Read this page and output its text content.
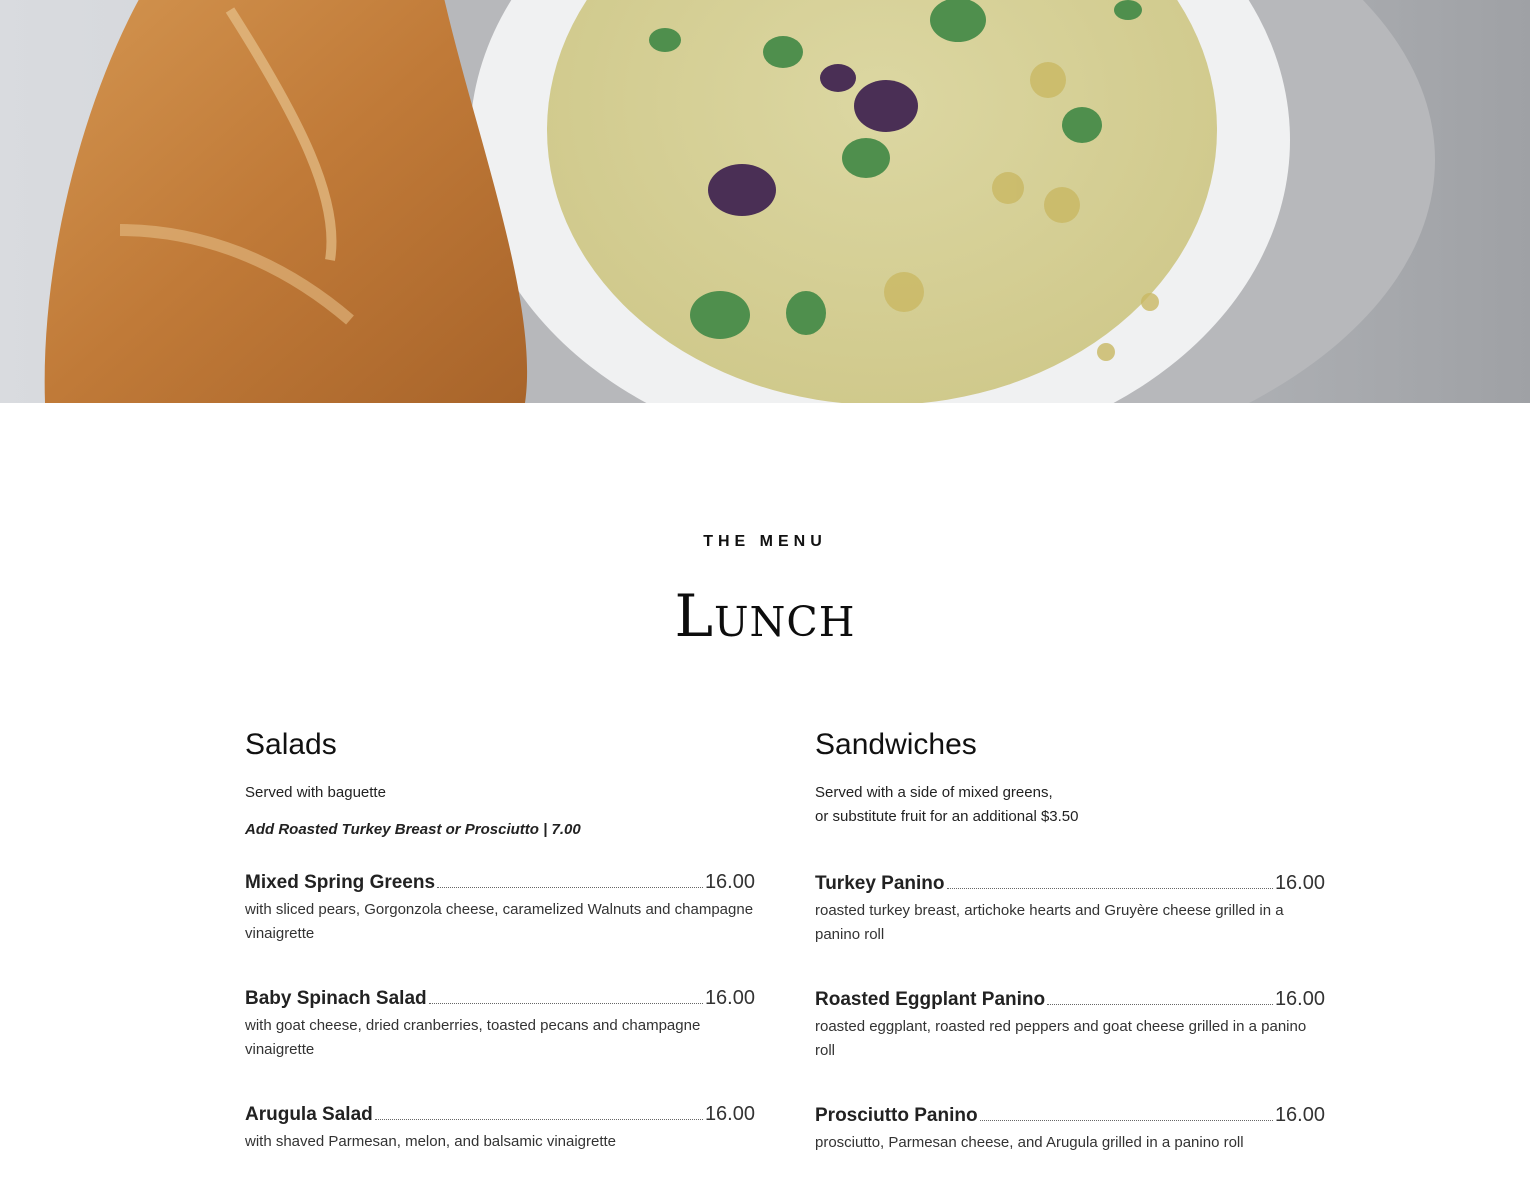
THE MENU
Lunch
Salads
Served with baguette
Add Roasted Turkey Breast or Prosciutto | 7.00
Mixed Spring Greens	16.00
with sliced pears, Gorgonzola cheese, caramelized Walnuts and champagne vinaigrette
Baby Spinach Salad	16.00
with goat cheese, dried cranberries, toasted pecans and champagne vinaigrette
Arugula Salad	16.00
with shaved Parmesan, melon, and balsamic vinaigrette
Sandwiches
Served with a side of mixed greens,
or substitute fruit for an additional $3.50
Turkey Panino	16.00
roasted turkey breast, artichoke hearts and Gruyère cheese grilled in a panino roll
Roasted Eggplant Panino	16.00
roasted eggplant, roasted red peppers and goat cheese grilled in a panino roll
Prosciutto Panino	16.00
prosciutto, Parmesan cheese, and Arugula grilled in a panino roll
